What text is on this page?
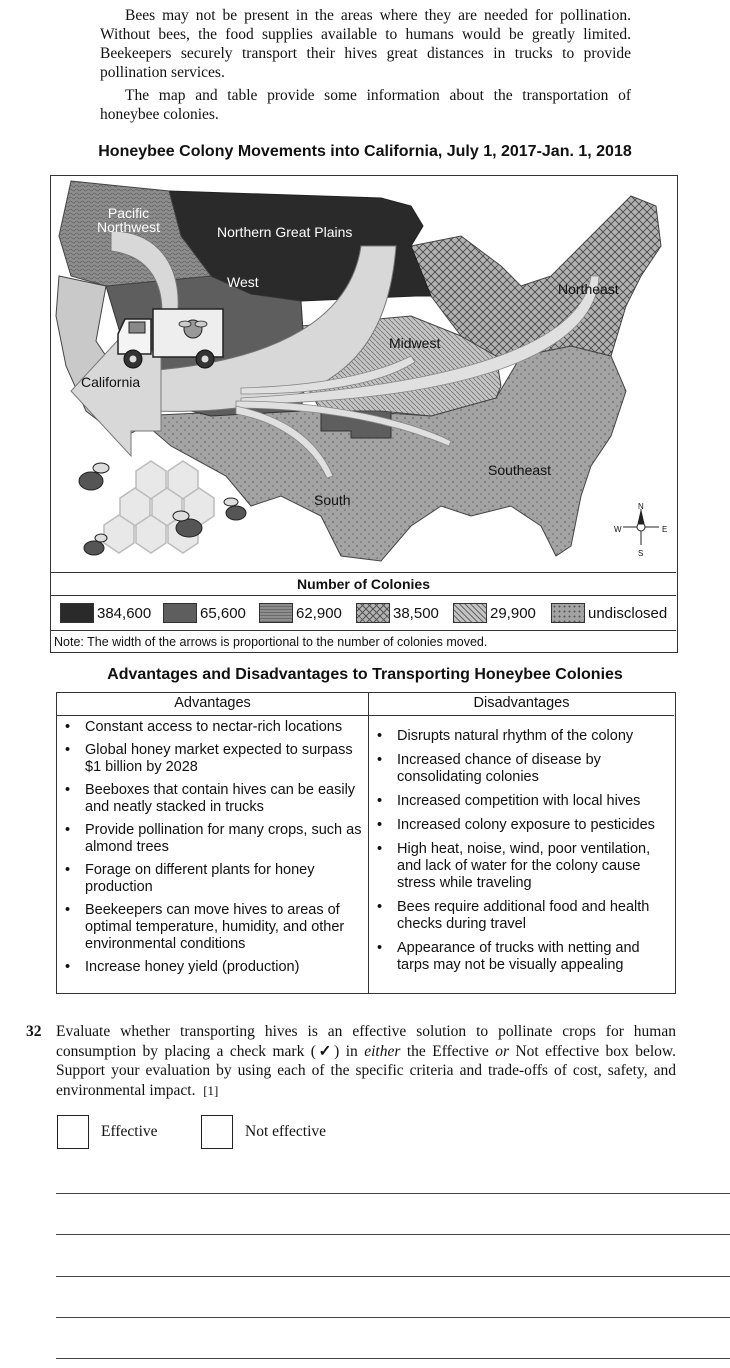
Bees may not be present in the areas where they are needed for pollination. Without bees, the food supplies available to humans would be greatly limited. Beekeepers securely transport their hives great distances in trucks to provide pollination services.

The map and table provide some information about the transportation of honeybee colonies.

Honeybee Colony Movements into California, July 1, 2017-Jan. 1, 2018
Pacific
Northwest	Northern Great Plains
West	Northeast
Midwest
California
Southeast
South	N
S
W	E
Number of Colonies
384,600	65,600	62,900	38,500	29,900	undisclosed
Note: The width of the arrows is proportional to the number of colonies moved.
Advantages and Disadvantages to Transporting Honeybee Colonies
Advantages
• Constant access to nectar-rich locations
• Global honey market expected to surpass $1 billion by 2028
• Beeboxes that contain hives can be easily and neatly stacked in trucks
• Provide pollination for many crops, such as almond trees
• Forage on different plants for honey production
• Beekeepers can move hives to areas of optimal temperature, humidity, and other environmental conditions
• Increase honey yield (production)
Disadvantages
• Disrupts natural rhythm of the colony
• Increased chance of disease by consolidating colonies
• Increased competition with local hives
• Increased colony exposure to pesticides
• High heat, noise, wind, poor ventilation, and lack of water for the colony cause stress while traveling
• Bees require additional food and health checks during travel
• Appearance of trucks with netting and tarps may not be visually appealing
32 Evaluate whether transporting hives is an effective solution to pollinate crops for human consumption by placing a check mark (✓) in either the Effective or Not effective box below. Support your evaluation by using each of the specific criteria and trade-offs of cost, safety, and environmental impact. [1]
Effective	Not effective
